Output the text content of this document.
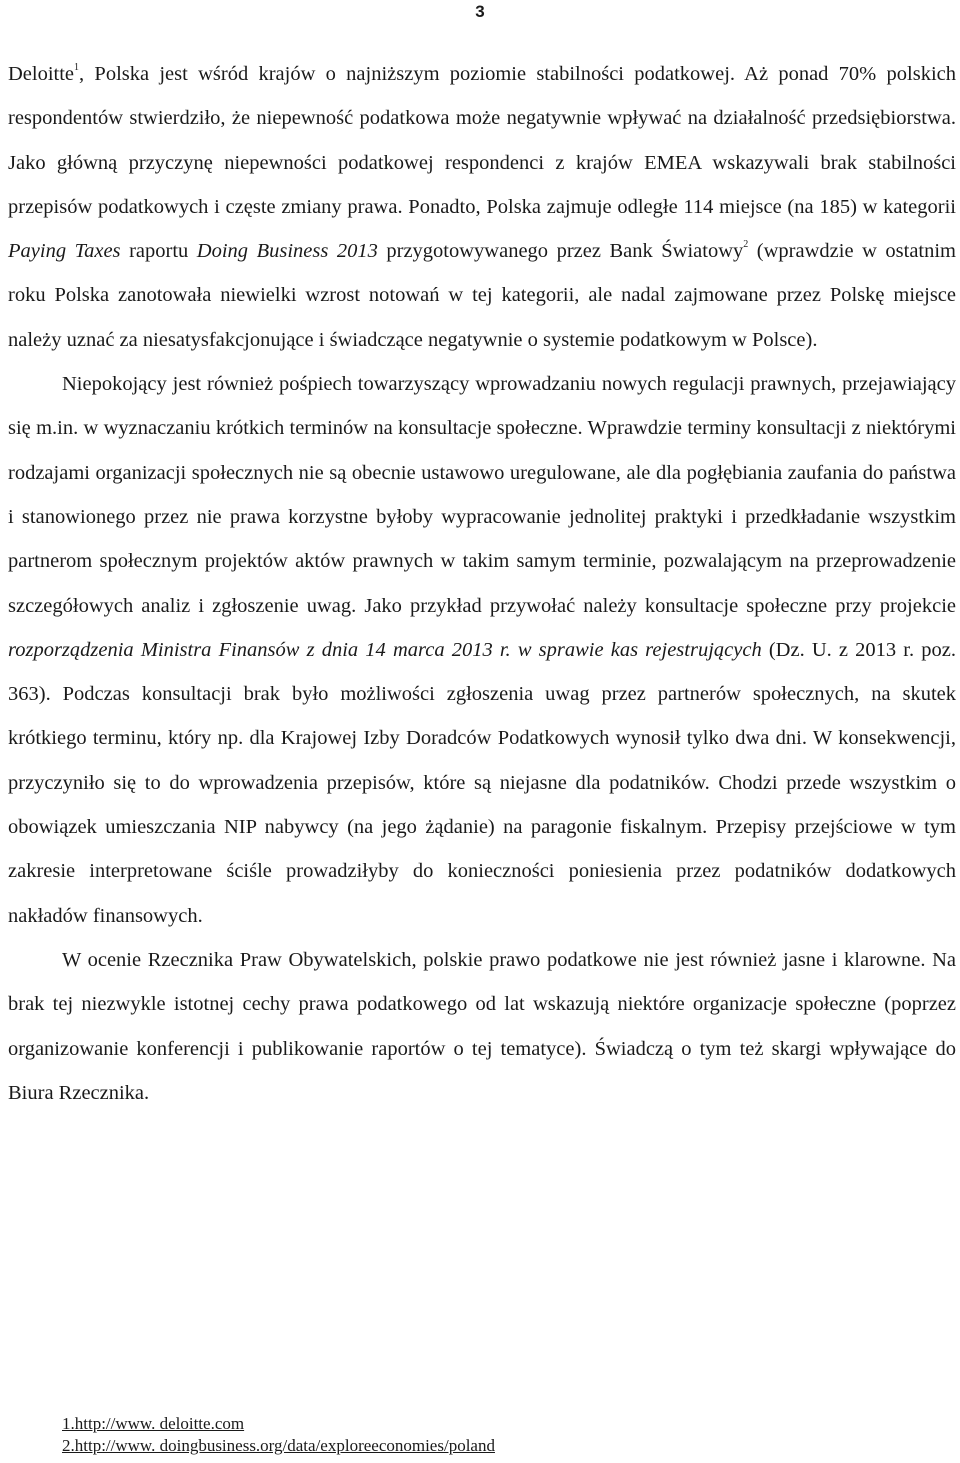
3

Deloitte$^1$, Polska jest wśród krajów o najniższym poziomie stabilności podatkowej. Aż ponad 70% polskich respondentów stwierdziło, że niepewność podatkowa może negatywnie wpływać na działalność przedsiębiorstwa. Jako główną przyczynę niepewności podatkowej respondenci z krajów EMEA wskazywali brak stabilności przepisów podatkowych i częste zmiany prawa. Ponadto, Polska zajmuje odległe 114 miejsce (na 185) w kategorii Paying Taxes raportu Doing Business 2013 przygotowywanego przez Bank Światowy$^2$ (wprawdzie w ostatnim roku Polska zanotowała niewielki wzrost notowań w tej kategorii, ale nadal zajmowane przez Polskę miejsce należy uznać za niesatysfakcjonujące i świadczące negatywnie o systemie podatkowym w Polsce).

Niepokojący jest również pośpiech towarzyszący wprowadzaniu nowych regulacji prawnych, przejawiający się m.in. w wyznaczaniu krótkich terminów na konsultacje społeczne. Wprawdzie terminy konsultacji z niektórymi rodzajami organizacji społecznych nie są obecnie ustawowo uregulowane, ale dla pogłębiania zaufania do państwa i stanowionego przez nie prawa korzystne byłoby wypracowanie jednolitej praktyki i przedkładanie wszystkim partnerom społecznym projektów aktów prawnych w takim samym terminie, pozwalającym na przeprowadzenie szczegółowych analiz i zgłoszenie uwag. Jako przykład przywołać należy konsultacje społeczne przy projekcie rozporządzenia Ministra Finansów z dnia 14 marca 2013 r. w sprawie kas rejestrujących (Dz. U. z 2013 r. poz. 363). Podczas konsultacji brak było możliwości zgłoszenia uwag przez partnerów społecznych, na skutek krótkiego terminu, który np. dla Krajowej Izby Doradców Podatkowych wynosił tylko dwa dni. W konsekwencji, przyczyniło się to do wprowadzenia przepisów, które są niejasne dla podatników. Chodzi przede wszystkim o obowiązek umieszczania NIP nabywcy (na jego żądanie) na paragonie fiskalnym. Przepisy przejściowe w tym zakresie interpretowane ściśle prowadziłyby do konieczności poniesienia przez podatników dodatkowych nakładów finansowych.

W ocenie Rzecznika Praw Obywatelskich, polskie prawo podatkowe nie jest również jasne i klarowne. Na brak tej niezwykle istotnej cechy prawa podatkowego od lat wskazują niektóre organizacje społeczne (poprzez organizowanie konferencji i publikowanie raportów o tej tematyce). Świadczą o tym też skargi wpływające do Biura Rzecznika.

1.http://www. deloitte.com
2.http://www. doingbusiness.org/data/exploreeconomies/poland
